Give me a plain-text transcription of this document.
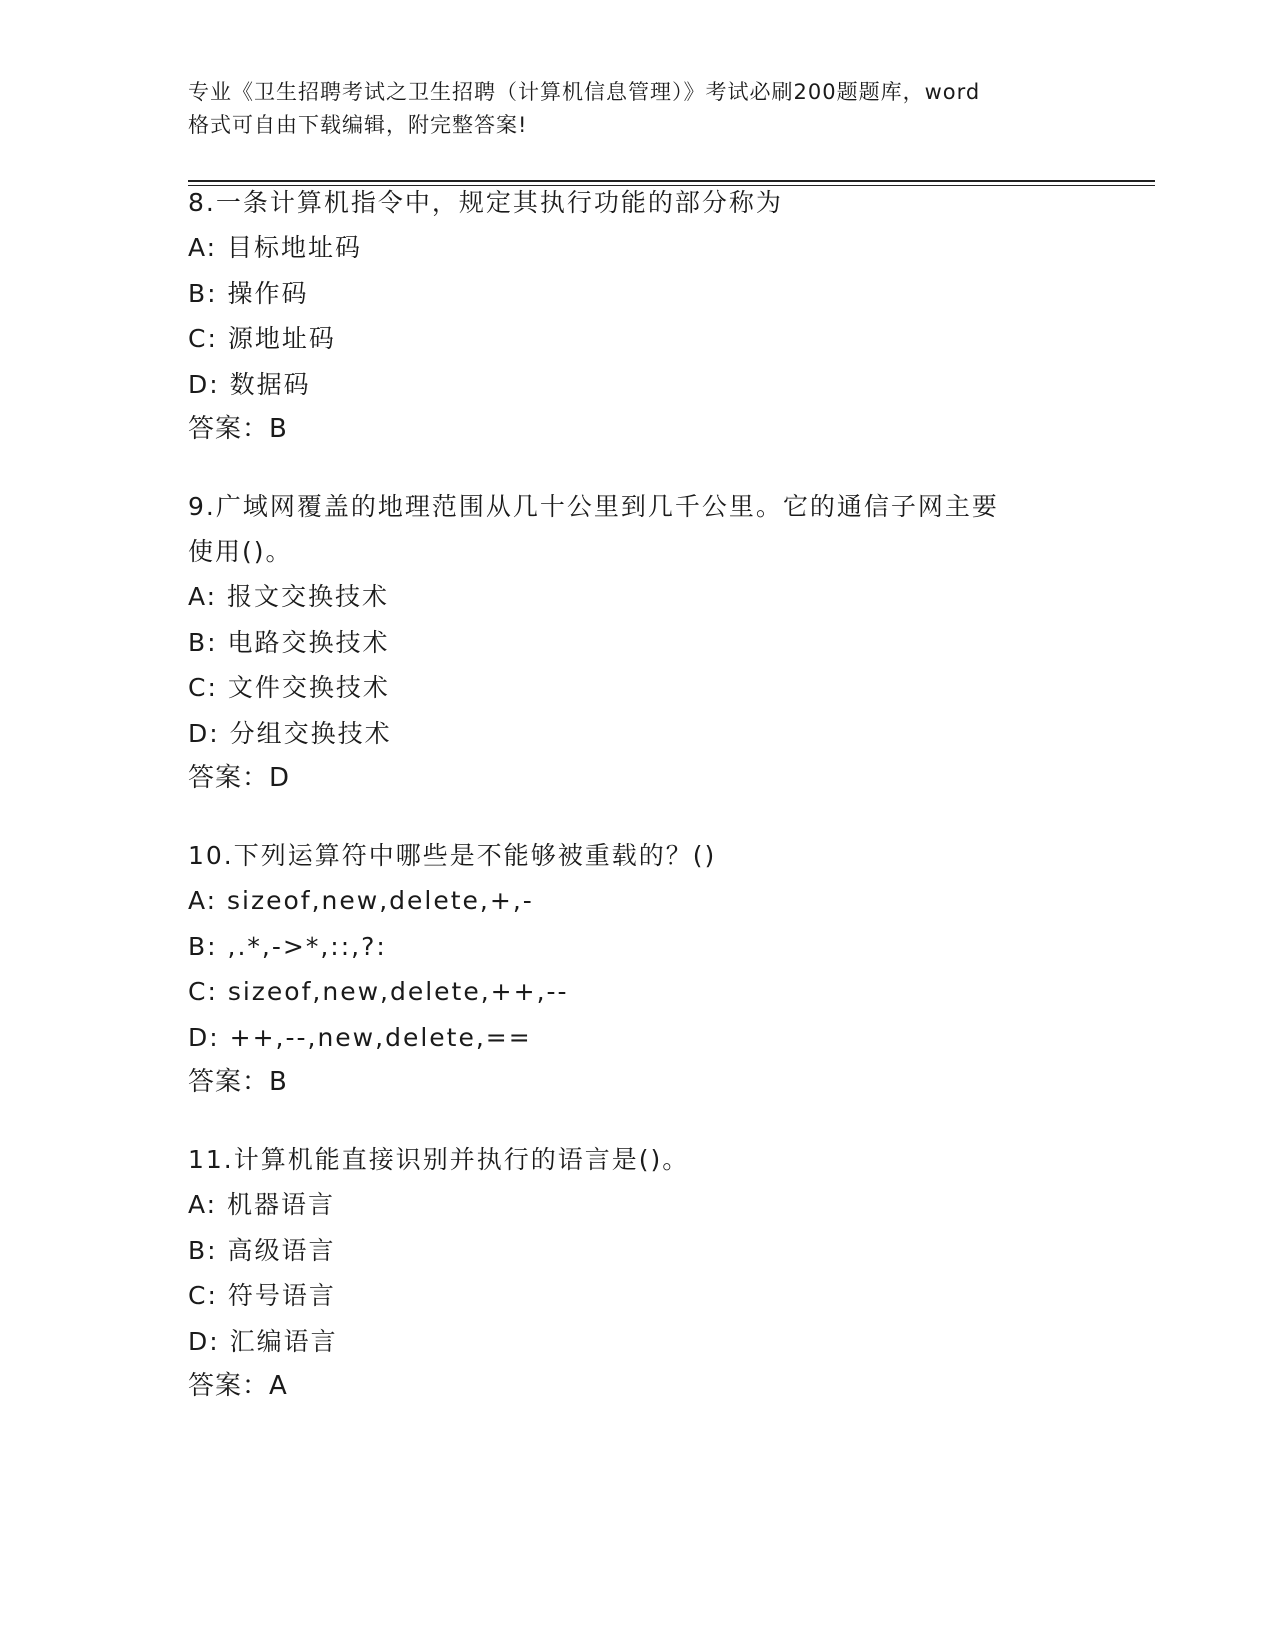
专业《卫生招聘考试之卫生招聘（计算机信息管理）》考试必刷200题题库，word
格式可自由下载编辑，附完整答案!

8.一条计算机指令中，规定其执行功能的部分称为

A: 目标地址码

B: 操作码

C: 源地址码

D: 数据码

答案：B

9.广域网覆盖的地理范围从几十公里到几千公里。它的通信子网主要

使用()。

A: 报文交换技术

B: 电路交换技术

C: 文件交换技术

D: 分组交换技术

答案：D

10.下列运算符中哪些是不能够被重载的？()

A: sizeof,new,delete,+,-

B: ,.*,->*,::,?:

C: sizeof,new,delete,++,--

D: ++,--,new,delete,==

答案：B

11.计算机能直接识别并执行的语言是()。

A: 机器语言

B: 高级语言

C: 符号语言

D: 汇编语言

答案：A
